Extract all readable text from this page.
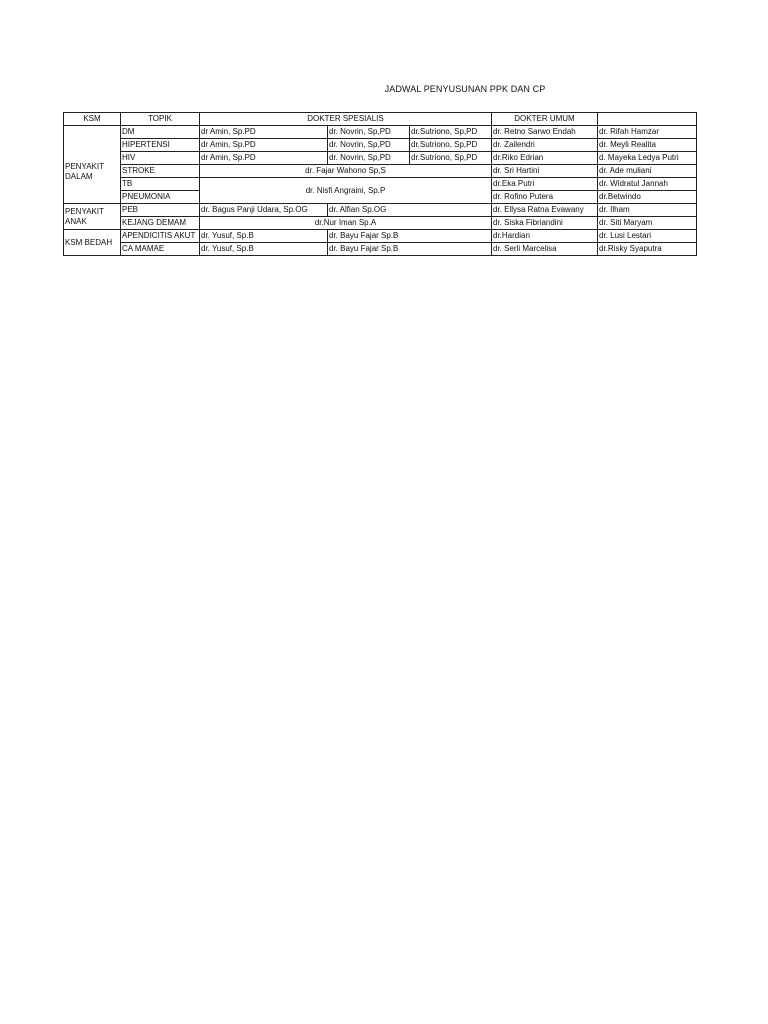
JADWAL PENYUSUNAN PPK DAN CP
KSM	TOPIK	DOKTER SPESIALIS			DOKTER UMUM	

PENYAKIT
DALAM	DM	dr Amin, Sp.PD	dr. Novrin, Sp,PD	dr.Sutriono, Sp,PD	dr. Retno Sarwo Endah	dr. Rifah Hamzar
	HIPERTENSI	dr Amin, Sp.PD	dr. Novrin, Sp,PD	dr.Sutriono, Sp,PD	dr. Zailendri	dr. Meyli Realita
	HIV	dr Amin, Sp.PD	dr. Novrin, Sp,PD	dr.Sutriono, Sp,PD	dr.Riko Edrian	d. Mayeka Ledya Putri
	STROKE	dr. Fajar Wahono Sp,S			dr. Sri Hartini	dr. Ade muliani
	TB	dr. Nisfi Angraini, Sp.P			dr.Eka Putri	dr. Widratul Jannah
	PNEUMONIA				dr. Rofino Putera	dr.Betwindo

PENYAKIT
ANAK	PEB	dr. Bagus Panji Udara, Sp.OG	dr. Alfian Sp.OG		dr. Ellysa Ratna Evawany	dr. Ilham
	KEJANG DEMAM	dr.Nur Iman Sp.A			dr. Siska Fibriandini	dr. Siti Maryam

KSM BEDAH	APENDICITIS AKUT	dr. Yusuf, Sp.B	dr. Bayu Fajar Sp.B		dr.Hardian	dr. Lusi Lestari
	CA MAMAE	dr. Yusuf, Sp.B	dr. Bayu Fajar Sp.B		dr. Serli Marcelisa	dr.Risky Syaputra
